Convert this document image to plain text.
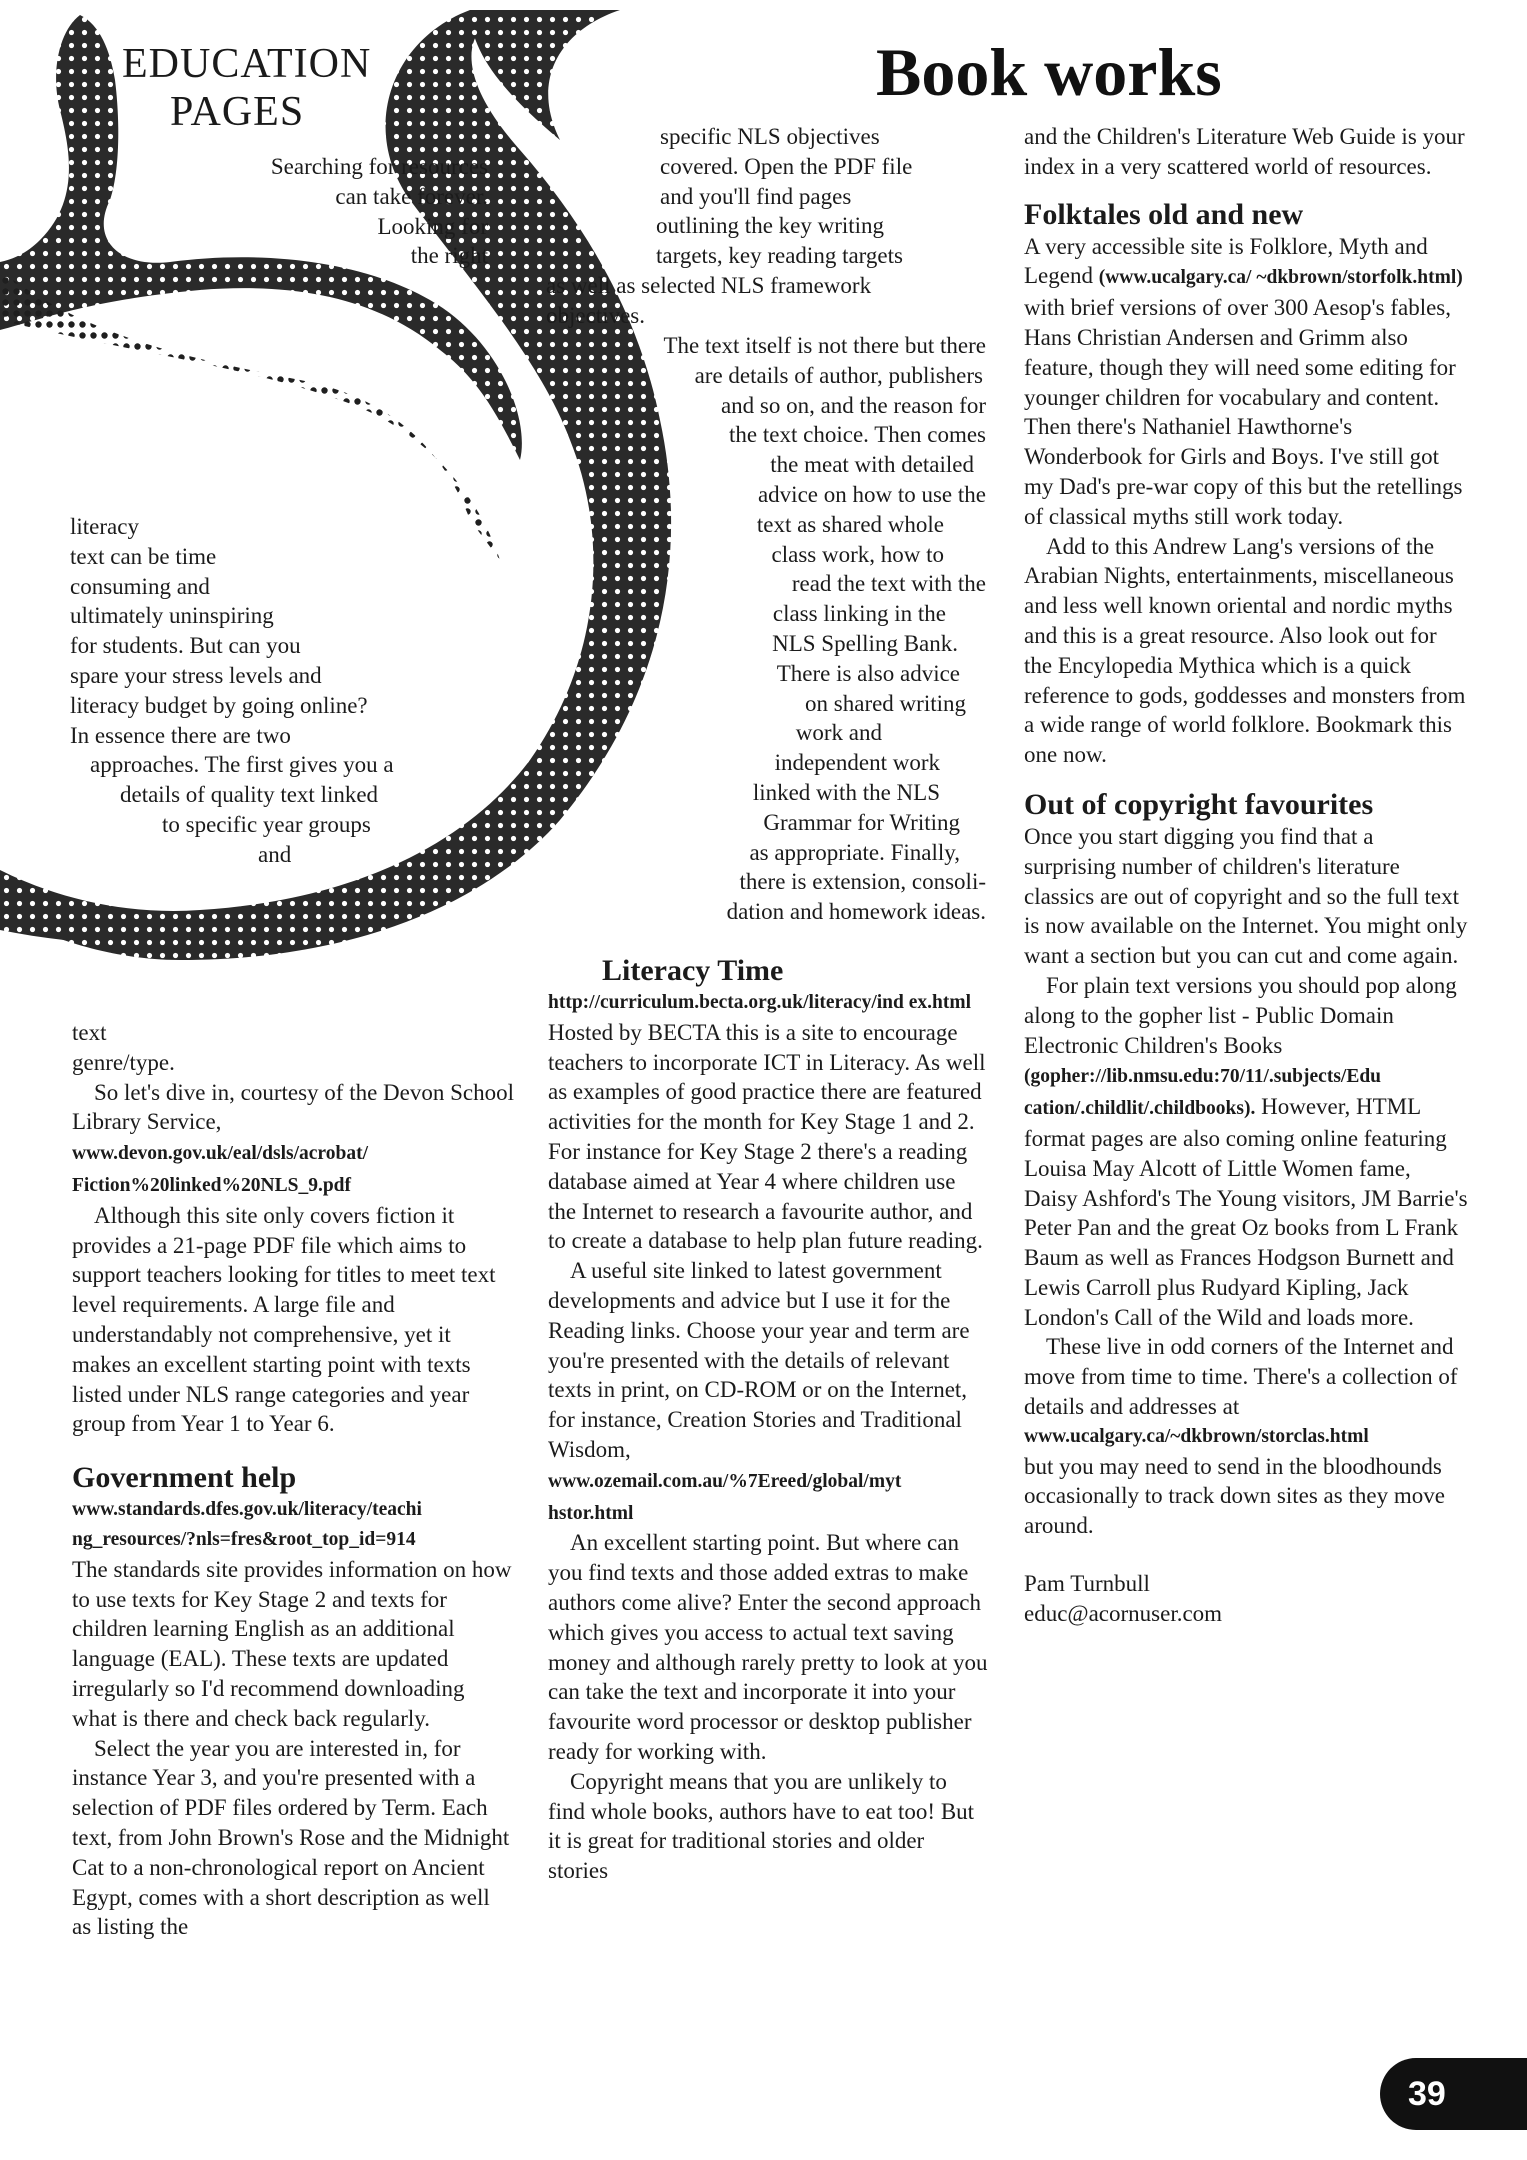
EDUCATION
PAGES
Book works
Searching for resources
can take forever.
Looking for
the right
literacy
text can be time
consuming and
ultimately uninspiring
for students. But can you
spare your stress levels and
literacy budget by going online?
In essence there are two
approaches. The first gives you a
details of quality text linked
to specific year groups
and
text
genre/type.

So let's dive in, courtesy of the Devon School Library Service, www.devon.gov.uk/eal/dsls/acrobat/ Fiction%20linked%20NLS_9.pdf

Although this site only covers fiction it provides a 21-page PDF file which aims to support teachers looking for titles to meet text level requirements. A large file and understandably not comprehensive, yet it makes an excellent starting point with texts listed under NLS range categories and year group from Year 1 to Year 6.

Government help

www.standards.dfes.gov.uk/literacy/teachi ng_resources/?nls=fres&root_top_id=914

The standards site provides information on how to use texts for Key Stage 2 and texts for children learning English as an additional language (EAL). These texts are updated irregularly so I'd recommend downloading what is there and check back regularly.

Select the year you are interested in, for instance Year 3, and you're presented with a selection of PDF files ordered by Term. Each text, from John Brown's Rose and the Midnight Cat to a non-chronological report on Ancient Egypt, comes with a short description as well as listing the

specific NLS objectives
covered. Open the PDF file
and you'll find pages
outlining the key writing
targets, key reading targets
as well as selected NLS framework
objectives.
The text itself is not there but there
are details of author, publishers
and so on, and the reason for
the text choice. Then comes
the meat with detailed
advice on how to use the
text as shared whole
class work, how to
read the text with the
class linking in the
NLS Spelling Bank.
There is also advice
on shared writing
work and
independent work
linked with the NLS
Grammar for Writing
as appropriate. Finally,
there is extension, consoli-
dation and homework ideas.
Literacy Time

http://curriculum.becta.org.uk/literacy/ind ex.html

Hosted by BECTA this is a site to encourage teachers to incorporate ICT in Literacy. As well as examples of good practice there are featured activities for the month for Key Stage 1 and 2. For instance for Key Stage 2 there's a reading database aimed at Year 4 where children use the Internet to research a favourite author, and to create a database to help plan future reading.

A useful site linked to latest government developments and advice but I use it for the Reading links. Choose your year and term are you're presented with the details of relevant texts in print, on CD-ROM or on the Internet, for instance, Creation Stories and Traditional Wisdom, www.ozemail.com.au/%7Ereed/global/myt hstor.html

An excellent starting point. But where can you find texts and those added extras to make authors come alive? Enter the second approach which gives you access to actual text saving money and although rarely pretty to look at you can take the text and incorporate it into your favourite word processor or desktop publisher ready for working with.

Copyright means that you are unlikely to find whole books, authors have to eat too! But it is great for traditional stories and older stories

and the Children's Literature Web Guide is your index in a very scattered world of resources.

Folktales old and new

A very accessible site is Folklore, Myth and Legend (www.ucalgary.ca/ ~dkbrown/storfolk.html) with brief versions of over 300 Aesop's fables, Hans Christian Andersen and Grimm also feature, though they will need some editing for younger children for vocabulary and content. Then there's Nathaniel Hawthorne's Wonderbook for Girls and Boys. I've still got my Dad's pre-war copy of this but the retellings of classical myths still work today.

Add to this Andrew Lang's versions of the Arabian Nights, entertainments, miscellaneous and less well known oriental and nordic myths and this is a great resource. Also look out for the Encylopedia Mythica which is a quick reference to gods, goddesses and monsters from a wide range of world folklore. Bookmark this one now.

Out of copyright favourites

Once you start digging you find that a surprising number of children's literature classics are out of copyright and so the full text is now available on the Internet. You might only want a section but you can cut and come again.

For plain text versions you should pop along along to the gopher list - Public Domain Electronic Children's Books (gopher://lib.nmsu.edu:70/11/.subjects/Edu cation/.childlit/.childbooks). However, HTML format pages are also coming online featuring Louisa May Alcott of Little Women fame, Daisy Ashford's The Young visitors, JM Barrie's Peter Pan and the great Oz books from L Frank Baum as well as Frances Hodgson Burnett and Lewis Carroll plus Rudyard Kipling, Jack London's Call of the Wild and loads more.

These live in odd corners of the Internet and move from time to time. There's a collection of details and addresses at

www.ucalgary.ca/~dkbrown/storclas.html

but you may need to send in the bloodhounds occasionally to track down sites as they move around.

Pam Turnbull

educ@acornuser.com

39
